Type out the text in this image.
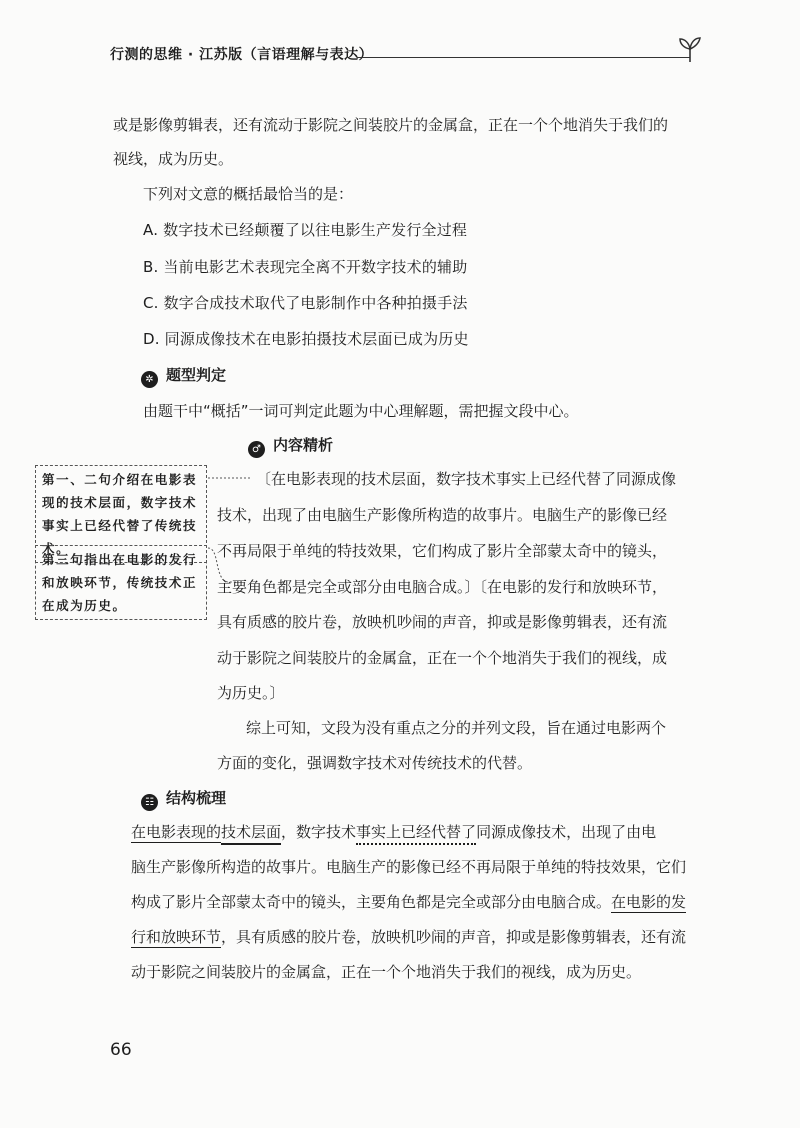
行测的思维 · 江苏版（言语理解与表达）
或是影像剪辑表，还有流动于影院之间装胶片的金属盒，正在一个个地消失于我们的
视线，成为历史。
下列对文意的概括最恰当的是：
A. 数字技术已经颠覆了以往电影生产发行全过程
B. 当前电影艺术表现完全离不开数字技术的辅助
C. 数字合成技术取代了电影制作中各种拍摄手法
D. 同源成像技术在电影拍摄技术层面已成为历史
✲ 题型判定
由题干中“概括”一词可判定此题为中心理解题，需把握文段中心。
♂ 内容精析
第一、二句介绍在电影表现的技术层面，数字技术事实上已经代替了传统技术。
第三句指出在电影的发行和放映环节，传统技术正在成为历史。
〔在电影表现的技术层面，数字技术事实上已经代替了同源成像
技术，出现了由电脑生产影像所构造的故事片。电脑生产的影像已经
不再局限于单纯的特技效果，它们构成了影片全部蒙太奇中的镜头，
主要角色都是完全或部分由电脑合成。〕〔在电影的发行和放映环节，
具有质感的胶片卷，放映机吵闹的声音，抑或是影像剪辑表，还有流
动于影院之间装胶片的金属盒，正在一个个地消失于我们的视线，成
为历史。〕
综上可知，文段为没有重点之分的并列文段，旨在通过电影两个
方面的变化，强调数字技术对传统技术的代替。
☷ 结构梳理
在电影表现的技术层面，数字技术事实上已经代替了同源成像技术，出现了由电
脑生产影像所构造的故事片。电脑生产的影像已经不再局限于单纯的特技效果，它们
构成了影片全部蒙太奇中的镜头，主要角色都是完全或部分由电脑合成。在电影的发
行和放映环节，具有质感的胶片卷，放映机吵闹的声音，抑或是影像剪辑表，还有流
动于影院之间装胶片的金属盒，正在一个个地消失于我们的视线，成为历史。
66
